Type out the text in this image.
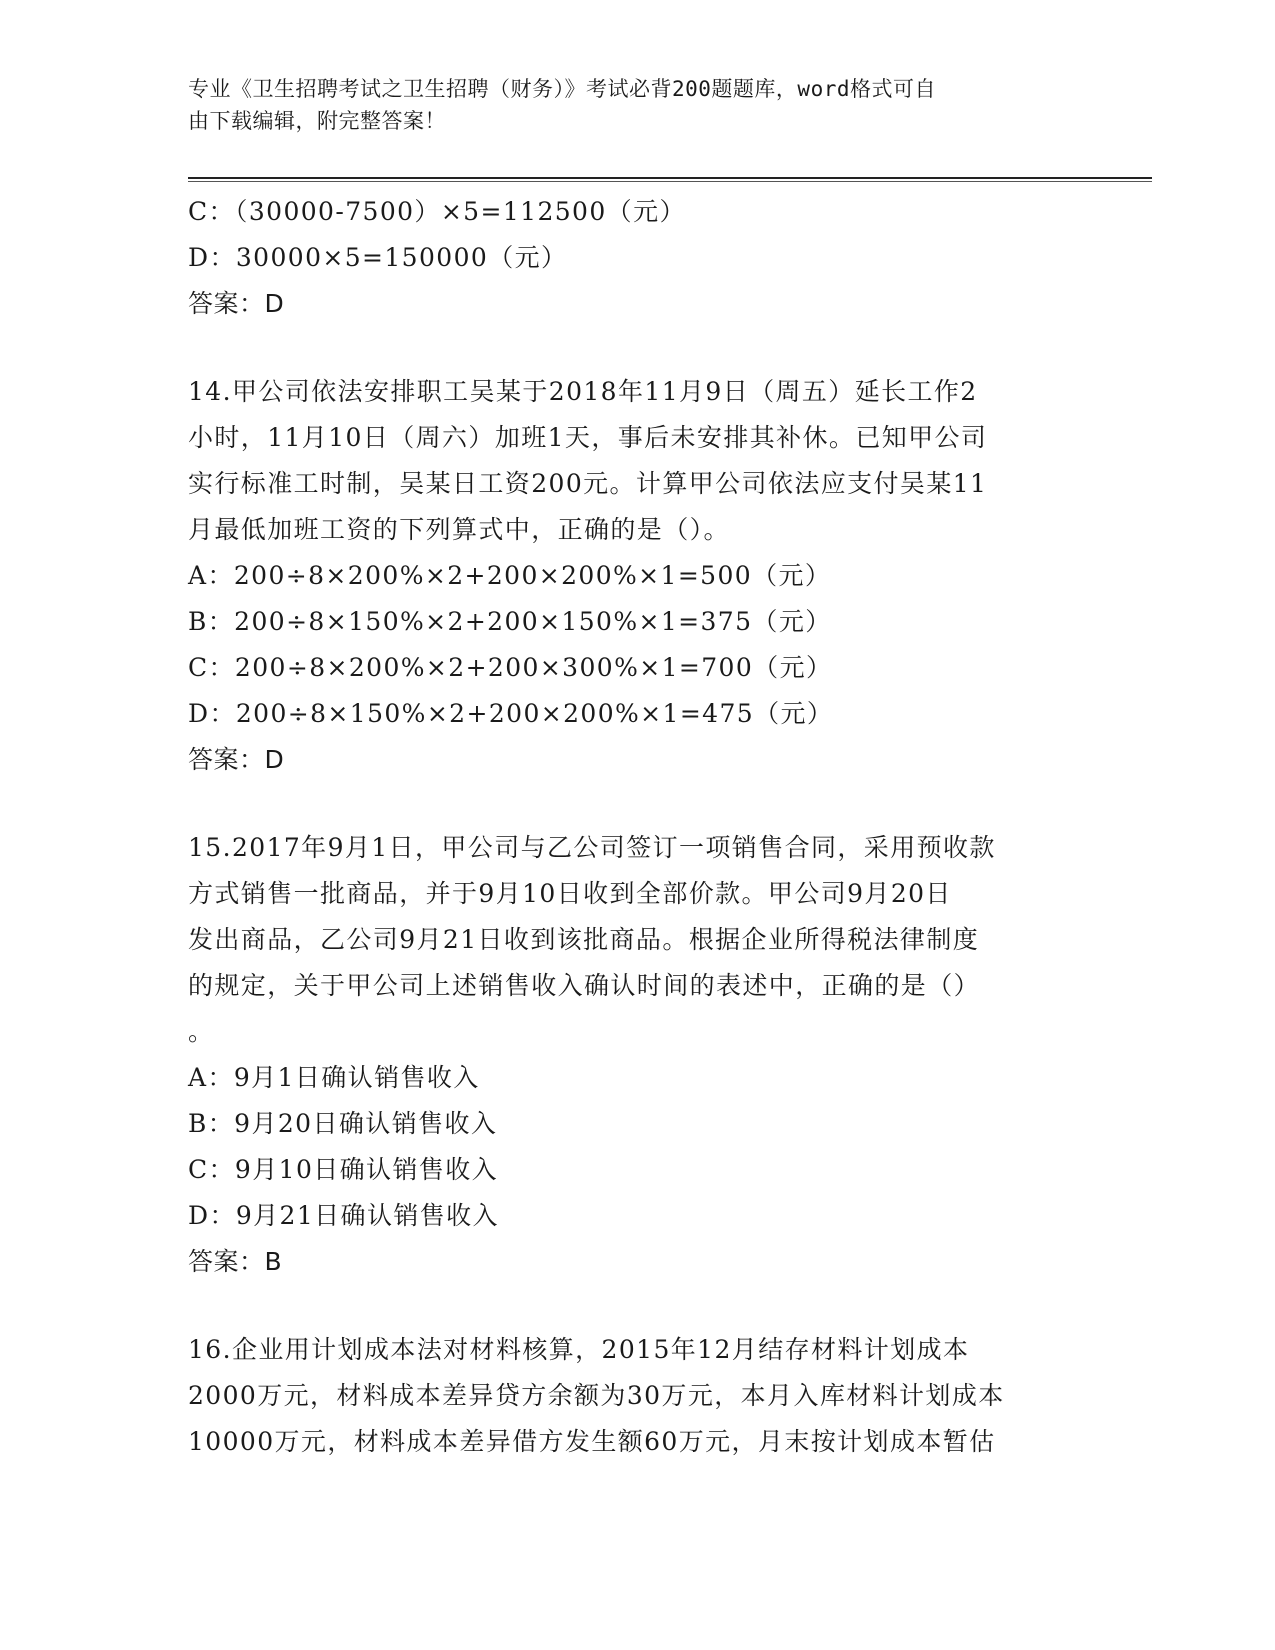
专业《卫生招聘考试之卫生招聘（财务）》考试必背200题题库，word格式可自
由下载编辑，附完整答案！
C：（30000-7500）×5=112500（元）
D：30000×5=150000（元）
答案：D
14.甲公司依法安排职工吴某于2018年11月9日（周五）延长工作2
小时，11月10日（周六）加班1天，事后未安排其补休。已知甲公司
实行标准工时制，吴某日工资200元。计算甲公司依法应支付吴某11
月最低加班工资的下列算式中，正确的是（）。
A：200÷8×200%×2+200×200%×1=500（元）
B：200÷8×150%×2+200×150%×1=375（元）
C：200÷8×200%×2+200×300%×1=700（元）
D：200÷8×150%×2+200×200%×1=475（元）
答案：D
15.2017年9月1日，甲公司与乙公司签订一项销售合同，采用预收款
方式销售一批商品，并于9月10日收到全部价款。甲公司9月20日
发出商品，乙公司9月21日收到该批商品。根据企业所得税法律制度
的规定，关于甲公司上述销售收入确认时间的表述中，正确的是（）
。
A：9月1日确认销售收入
B：9月20日确认销售收入
C：9月10日确认销售收入
D：9月21日确认销售收入
答案：B
16.企业用计划成本法对材料核算，2015年12月结存材料计划成本
2000万元，材料成本差异贷方余额为30万元，本月入库材料计划成本
10000万元，材料成本差异借方发生额60万元，月末按计划成本暂估
